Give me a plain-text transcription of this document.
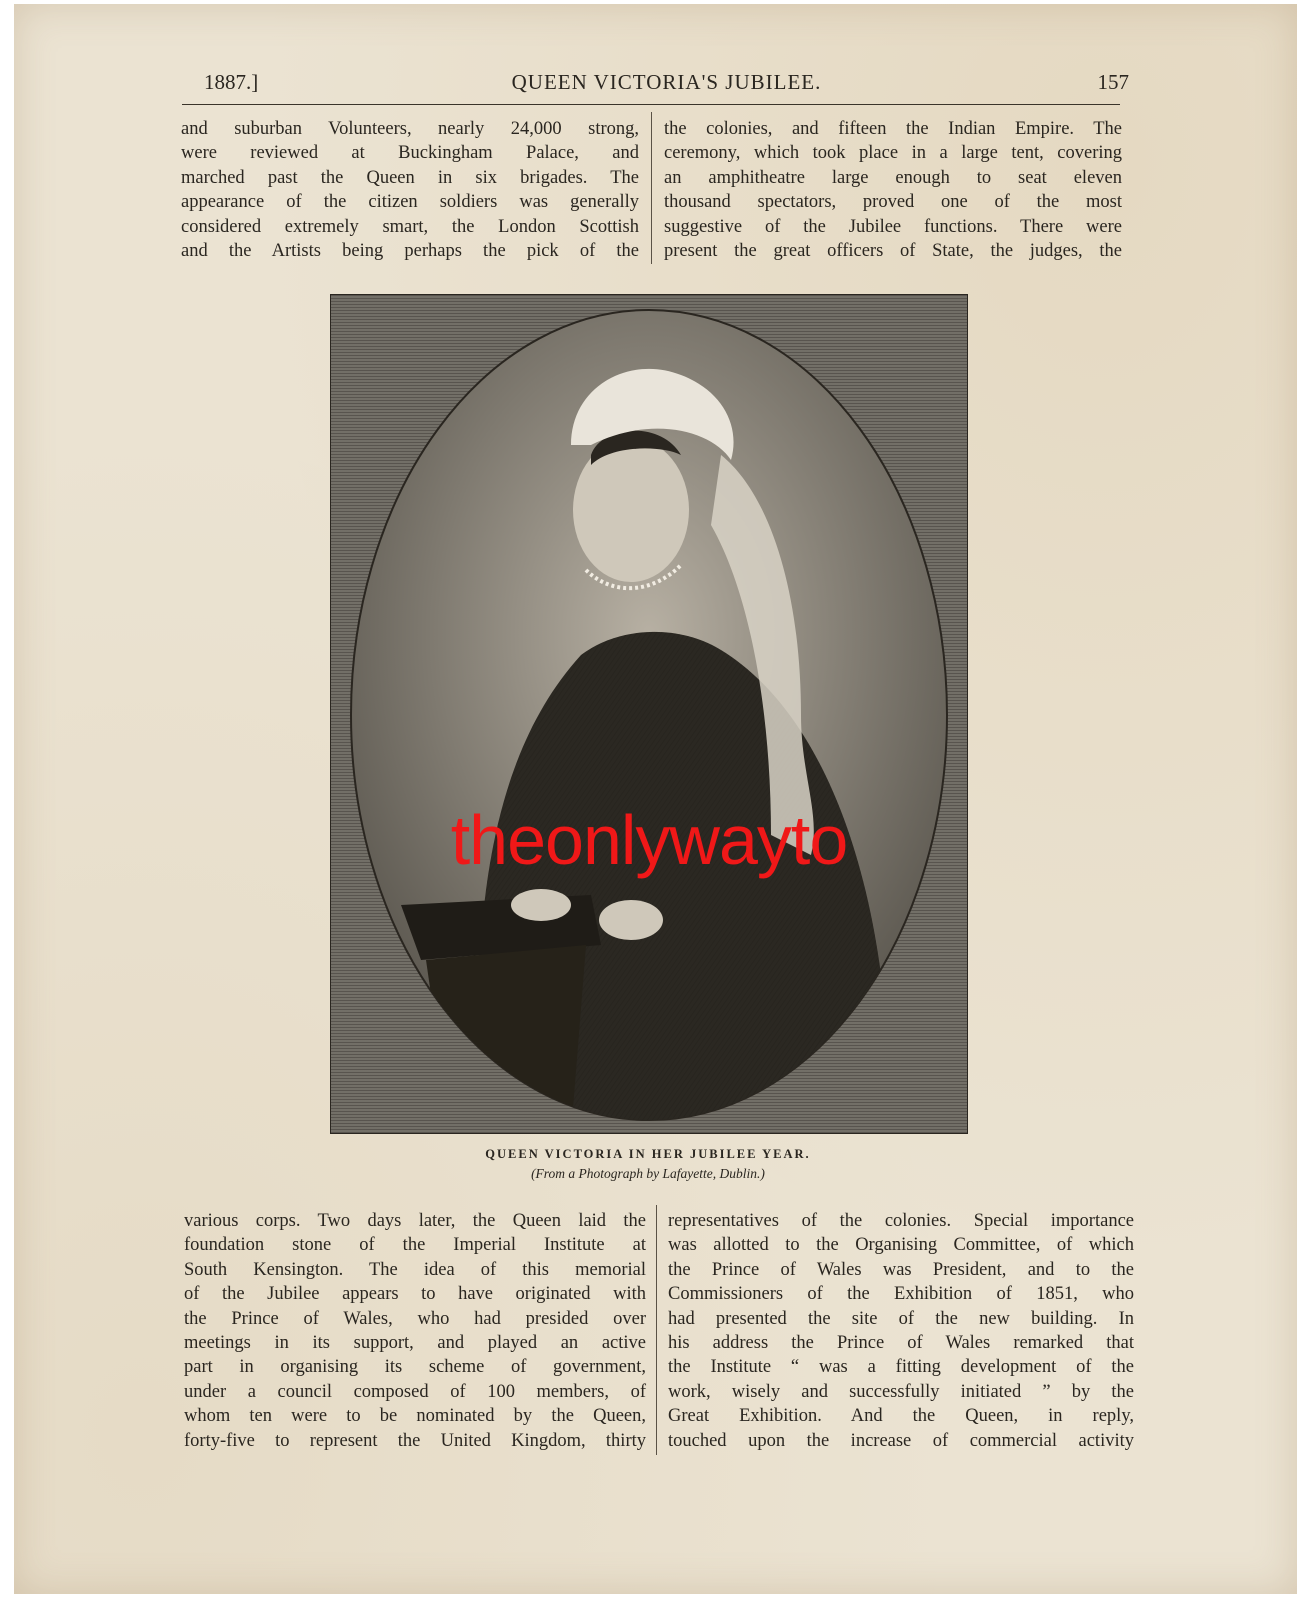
1887.]	QUEEN VICTORIA'S JUBILEE.	157
and suburban Volunteers, nearly 24,000 strong,
were reviewed at Buckingham Palace, and
marched past the Queen in six brigades. The
appearance of the citizen soldiers was generally
considered extremely smart, the London Scottish
and the Artists being perhaps the pick of the
the colonies, and fifteen the Indian Empire. The
ceremony, which took place in a large tent, covering
an amphitheatre large enough to seat eleven
thousand spectators, proved one of the most
suggestive of the Jubilee functions. There were
present the great officers of State, the judges, the
theonlywayto
QUEEN VICTORIA IN HER JUBILEE YEAR.
(From a Photograph by Lafayette, Dublin.)
various corps. Two days later, the Queen laid the
foundation stone of the Imperial Institute at
South Kensington. The idea of this memorial
of the Jubilee appears to have originated with
the Prince of Wales, who had presided over
meetings in its support, and played an active
part in organising its scheme of government,
under a council composed of 100 members, of
whom ten were to be nominated by the Queen,
forty-five to represent the United Kingdom, thirty
representatives of the colonies. Special importance
was allotted to the Organising Committee, of which
the Prince of Wales was President, and to the
Commissioners of the Exhibition of 1851, who
had presented the site of the new building. In
his address the Prince of Wales remarked that
the Institute “ was a fitting development of the
work, wisely and successfully initiated ” by the
Great Exhibition. And the Queen, in reply,
touched upon the increase of commercial activity
